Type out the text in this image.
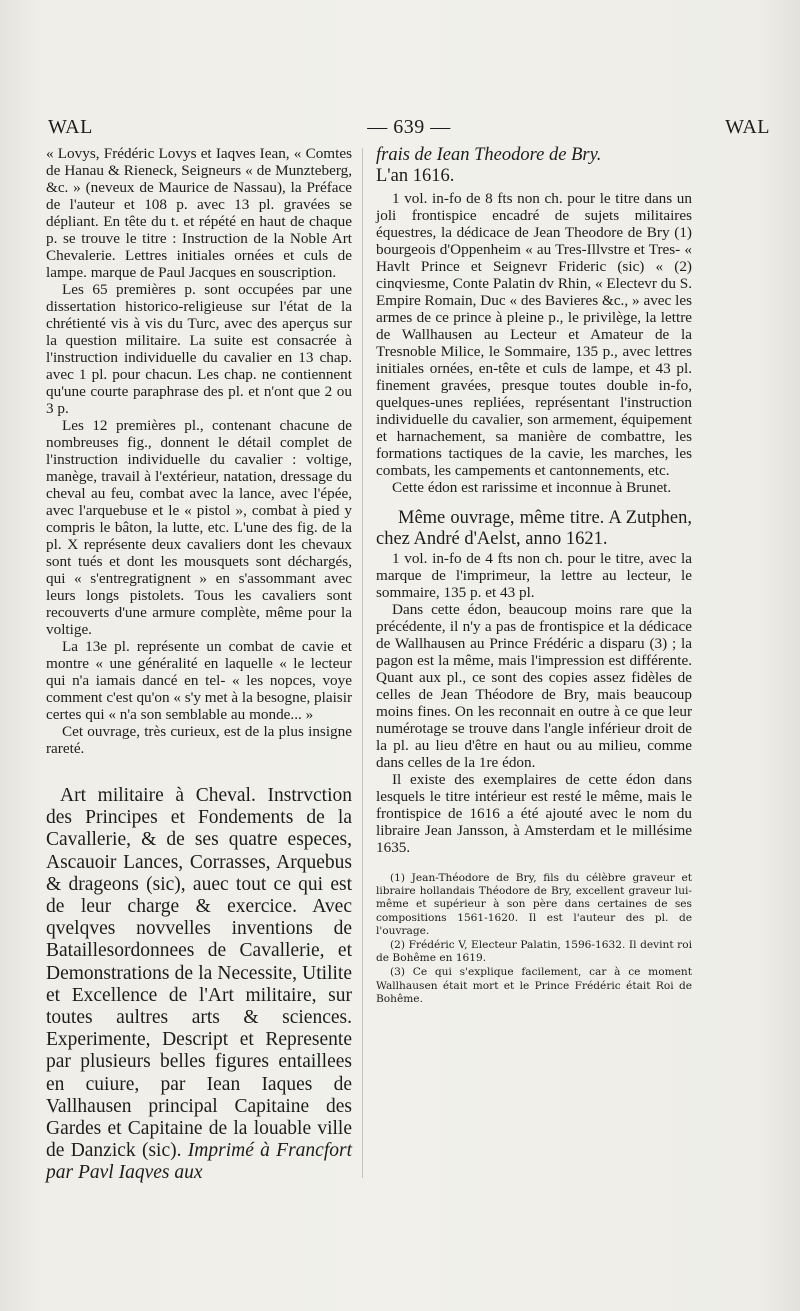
WAL	— 639 —	WAL

« Lovys, Frédéric Lovys et Iaqves Iean, « Comtes de Hanau & Rieneck, Seigneurs « de Munzteberg, &c. » (neveux de Maurice de Nassau), la Préface de l'auteur et 108 p. avec 13 pl. gravées se dépliant. En tête du t. et répété en haut de chaque p. se trouve le titre : Instruction de la Noble Art Chevalerie. Lettres initiales ornées et culs de lampe. marque de Paul Jacques en souscription.

Les 65 premières p. sont occupées par une dissertation historico-religieuse sur l'état de la chrétienté vis à vis du Turc, avec des aperçus sur la question militaire. La suite est consacrée à l'instruction individuelle du cavalier en 13 chap. avec 1 pl. pour chacun. Les chap. ne contiennent qu'une courte paraphrase des pl. et n'ont que 2 ou 3 p.

Les 12 premières pl., contenant chacune de nombreuses fig., donnent le détail complet de l'instruction individuelle du cavalier : voltige, manège, travail à l'extérieur, natation, dressage du cheval au feu, combat avec la lance, avec l'épée, avec l'arquebuse et le « pistol », combat à pied y compris le bâton, la lutte, etc. L'une des fig. de la pl. X représente deux cavaliers dont les chevaux sont tués et dont les mousquets sont déchargés, qui « s'entregratignent » en s'assommant avec leurs longs pistolets. Tous les cavaliers sont recouverts d'une armure complète, même pour la voltige.

La 13e pl. représente un combat de cavie et montre « une généralité en laquelle « le lecteur qui n'a iamais dancé en tel- « les nopces, voye comment c'est qu'on « s'y met à la besogne, plaisir certes qui « n'a son semblable au monde... »

Cet ouvrage, très curieux, est de la plus insigne rareté.

Art militaire à Cheval. Instrvction des Principes et Fondements de la Cavallerie, & de ses quatre especes, Ascauoir Lances, Corrasses, Arquebus & drageons (sic), auec tout ce qui est de leur charge & exercice. Avec qvelqves novvelles inventions de Bataillesordonnees de Cavallerie, et Demonstrations de la Necessite, Utilite et Excellence de l'Art militaire, sur toutes aultres arts & sciences. Experimente, Descript et Represente par plusieurs belles figures entaillees en cuiure, par Iean Iaques de Vallhausen principal Capitaine des Gardes et Capitaine de la louable ville de Danzick (sic). Imprimé à Francfort par Pavl Iaqves aux

frais de Iean Theodore de Bry.

L'an 1616.

1 vol. in-fo de 8 fts non ch. pour le titre dans un joli frontispice encadré de sujets militaires équestres, la dédicace de Jean Theodore de Bry (1) bourgeois d'Oppenheim « au Tres-Illvstre et Tres- « Havlt Prince et Seignevr Frideric (sic) « (2) cinqviesme, Conte Palatin dv Rhin, « Electevr du S. Empire Romain, Duc « des Bavieres &c., » avec les armes de ce prince à pleine p., le privilège, la lettre de Wallhausen au Lecteur et Amateur de la Tresnoble Milice, le Sommaire, 135 p., avec lettres initiales ornées, en-tête et culs de lampe, et 43 pl. finement gravées, presque toutes double in-fo, quelques-unes repliées, représentant l'instruction individuelle du cavalier, son armement, équipement et harnachement, sa manière de combattre, les formations tactiques de la cavie, les marches, les combats, les campements et cantonnements, etc.

Cette édon est rarissime et inconnue à Brunet.

Même ouvrage, même titre. A Zutphen, chez André d'Aelst, anno 1621.

1 vol. in-fo de 4 fts non ch. pour le titre, avec la marque de l'imprimeur, la lettre au lecteur, le sommaire, 135 p. et 43 pl.

Dans cette édon, beaucoup moins rare que la précédente, il n'y a pas de frontispice et la dédicace de Wallhausen au Prince Frédéric a disparu (3) ; la pagon est la même, mais l'impression est différente. Quant aux pl., ce sont des copies assez fidèles de celles de Jean Théodore de Bry, mais beaucoup moins fines. On les reconnait en outre à ce que leur numérotage se trouve dans l'angle inférieur droit de la pl. au lieu d'être en haut ou au milieu, comme dans celles de la 1re édon.

Il existe des exemplaires de cette édon dans lesquels le titre intérieur est resté le même, mais le frontispice de 1616 a été ajouté avec le nom du libraire Jean Jansson, à Amsterdam et le millésime 1635.

(1) Jean-Théodore de Bry, fils du célèbre graveur et libraire hollandais Théodore de Bry, excellent graveur lui-même et supérieur à son père dans certaines de ses compositions 1561-1620. Il est l'auteur des pl. de l'ouvrage.

(2) Frédéric V, Electeur Palatin, 1596-1632. Il devint roi de Bohême en 1619.

(3) Ce qui s'explique facilement, car à ce moment Wallhausen était mort et le Prince Frédéric était Roi de Bohême.
